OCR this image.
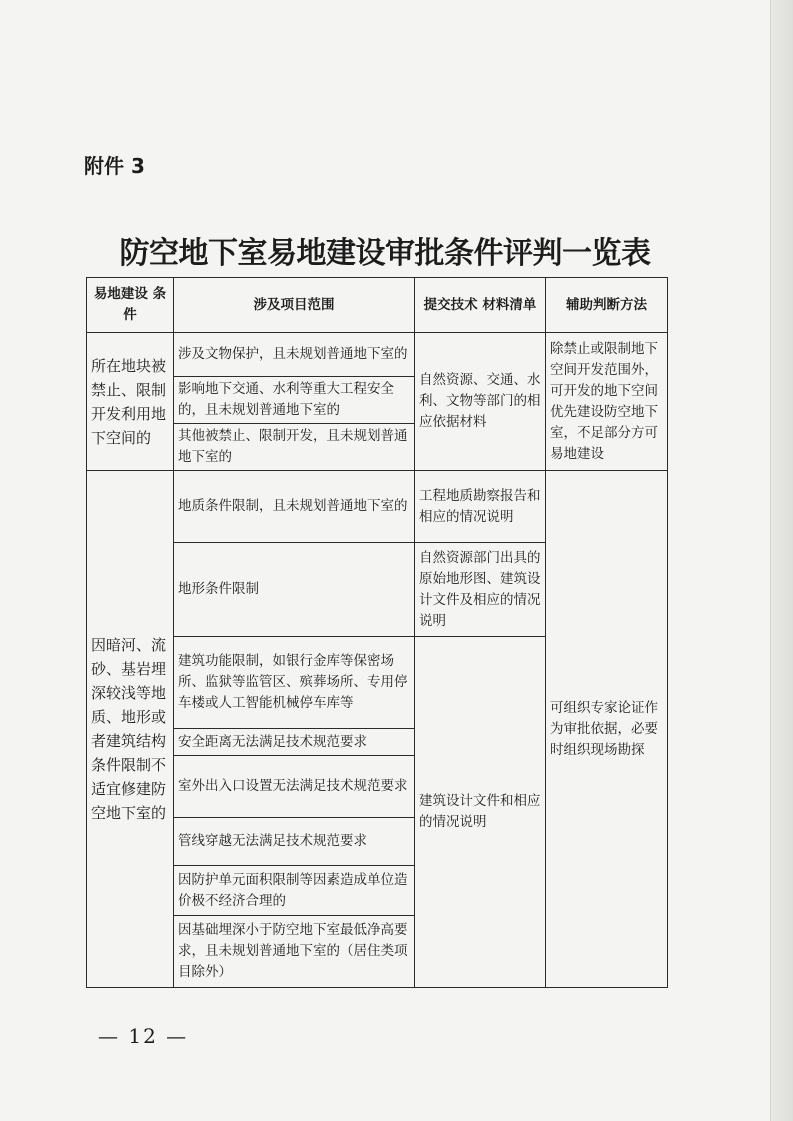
附件 3
防空地下室易地建设审批条件评判一览表
易地建设 条 件	涉及项目范围	提交技术 材料清单	辅助判断方法
所在地块被禁止、限制开发利用地下空间的	涉及文物保护，且未规划普通地下室的	自然资源、交通、水利、文物等部门的相应依据材料	除禁止或限制地下空间开发范围外，可开发的地下空间优先建设防空地下室，不足部分方可易地建设
	影响地下交通、水利等重大工程安全的，且未规划普通地下室的		
	其他被禁止、限制开发，且未规划普通地下室的		
因暗河、流砂、基岩埋深较浅等地质、地形或者建筑结构条件限制不适宜修建防空地下室的	地质条件限制，且未规划普通地下室的	工程地质勘察报告和相应的情况说明	可组织专家论证作为审批依据，必要时组织现场勘探
	地形条件限制	自然资源部门出具的原始地形图、建筑设计文件及相应的情况说明	
	建筑功能限制，如银行金库等保密场所、监狱等监管区、殡葬场所、专用停车楼或人工智能机械停车库等	建筑设计文件和相应的情况说明	
	安全距离无法满足技术规范要求		
	室外出入口设置无法满足技术规范要求		
	管线穿越无法满足技术规范要求		
	因防护单元面积限制等因素造成单位造价极不经济合理的		
	因基础埋深小于防空地下室最低净高要求，且未规划普通地下室的（居住类项目除外）		
— 12 —
